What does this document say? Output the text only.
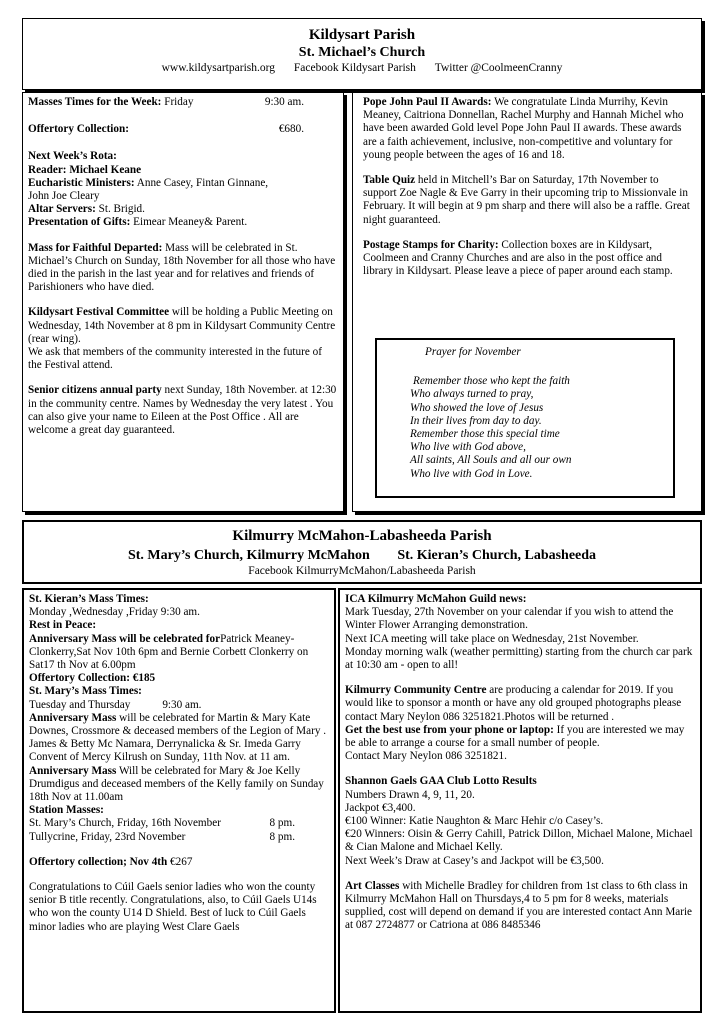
Kildysart Parish
St. Michael’s Church
www.kildysartparish.org Facebook Kildysart Parish Twitter @CoolmeenCranny
Masses Times for the Week: Friday	9:30 am.
Offertory Collection:	€680.
Next Week’s Rota:
Reader: Michael Keane
Eucharistic Ministers: Anne Casey, Fintan Ginnane,
John Joe Cleary
Altar Servers: St. Brigid.

Presentation of Gifts: Eimear Meaney& Parent.

Mass for Faithful Departed: Mass will be celebrated in St. Michael’s Church on Sunday, 18th November for all those who have died in the parish in the last year and for relatives and friends of Parishioners who have died.

Kildysart Festival Committee will be holding a Public Meeting on Wednesday, 14th November at 8 pm in Kildysart Community Centre (rear wing).

We ask that members of the community interested in the future of the Festival attend.

Senior citizens annual party next Sunday, 18th November. at 12:30 in the community centre. Names by Wednesday the very latest . You can also give your name to Eileen at the Post Office . All are welcome a great day guaranteed.

Pope John Paul II Awards: We congratulate Linda Murrihy, Kevin Meaney, Caitriona Donnellan, Rachel Murphy and Hannah Michel who have been awarded Gold level Pope John Paul II awards. These awards are a faith achievement, inclusive, non-competitive and voluntary for young people between the ages of 16 and 18.

Table Quiz held in Mitchell’s Bar on Saturday, 17th November to support Zoe Nagle & Eve Garry in their upcoming trip to Missionvale in February. It will begin at 9 pm sharp and there will also be a raffle. Great night guaranteed.

Postage Stamps for Charity: Collection boxes are in Kildysart, Coolmeen and Cranny Churches and are also in the post office and library in Kildysart. Please leave a piece of paper around each stamp.

Prayer for November
Remember those who kept the faith
Who always turned to pray,
Who showed the love of Jesus
In their lives from day to day.
Remember those this special time
Who live with God above,
All saints, All Souls and all our own
Who live with God in Love.
Kilmurry McMahon-Labasheeda Parish
St. Mary’s Church, Kilmurry McMahon St. Kieran’s Church, Labasheeda
Facebook KilmurryMcMahon/Labasheeda Parish
St. Kieran’s Mass Times:
Monday ,Wednesday ,Friday 9:30 am.
Rest in Peace:
Anniversary Mass will be celebrated forPatrick Meaney-Clonkerry,Sat Nov 10th 6pm and Bernie Corbett Clonkerry on Sat17 th Nov at 6.00pm
Offertory Collection: €185
St. Mary’s Mass Times:
Tuesday and Thursday	9:30 am.
Anniversary Mass will be celebrated for Martin & Mary Kate Downes, Crossmore & deceased members of the Legion of Mary . James & Betty Mc Namara, Derrynalicka & Sr. Imeda Garry Convent of Mercy Kilrush on Sunday, 11th Nov. at 11 am.
Anniversary Mass Will be celebrated for Mary & Joe Kelly Drumdigus and deceased members of the Kelly family on Sunday 18th Nov at 11.00am
Station Masses:
St. Mary’s Church, Friday, 16th November	8 pm.
Tullycrine, Friday, 23rd November	8 pm.

Offertory collection; Nov 4th €267

Congratulations to Cúil Gaels senior ladies who won the county senior B title recently. Congratulations, also, to Cúil Gaels U14s who won the county U14 D Shield. Best of luck to Cúil Gaels minor ladies who are playing West Clare Gaels

ICA Kilmurry McMahon Guild news:
Mark Tuesday, 27th November on your calendar if you wish to attend the Winter Flower Arranging demonstration.
Next ICA meeting will take place on Wednesday, 21st November.

Monday morning walk (weather permitting) starting from the church car park at 10:30 am - open to all!

Kilmurry Community Centre are producing a calendar for 2019. If you would like to sponsor a month or have any old grouped photographs please contact Mary Neylon 086 3251821.Photos will be returned .
Get the best use from your phone or laptop: If you are interested we may be able to arrange a course for a small number of people.

Contact Mary Neylon 086 3251821.

Shannon Gaels GAA Club Lotto Results
Numbers Drawn 4, 9, 11, 20.
Jackpot €3,400.
€100 Winner: Katie Naughton & Marc Hehir c/o Casey’s.
€20 Winners: Oisin & Gerry Cahill, Patrick Dillon, Michael Malone, Michael & Cian Malone and Michael Kelly.

Next Week’s Draw at Casey’s and Jackpot will be €3,500.

Art Classes with Michelle Bradley for children from 1st class to 6th class in Kilmurry McMahon Hall on Thursdays,4 to 5 pm for 8 weeks, materials supplied, cost will depend on demand if you are interested contact Ann Marie at 087 2724877 or Catriona at 086 8485346
